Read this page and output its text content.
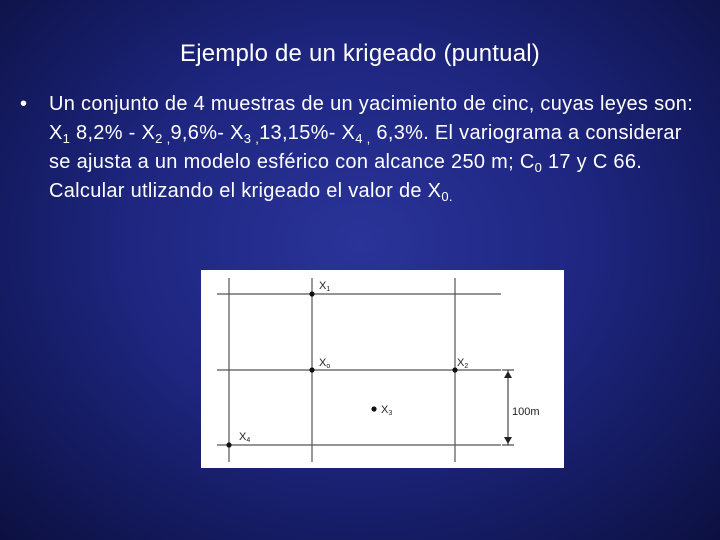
Ejemplo de un krigeado (puntual)
• Un conjunto de 4 muestras de un yacimiento de cinc, cuyas leyes son: $X_1$ $8,2\% - X_{2 ,}9,6\%-$ $X_{3 ,}13,15\%-$ $X_{4 ,}$ 6,3%. El variograma a considerar se ajusta a un modelo esférico con alcance 250 m; $C_0$ 17 y C 66. Calcular utlizando el krigeado el valor de $X_{0.}$
X1
Xo	X2
X3
X4
100m
